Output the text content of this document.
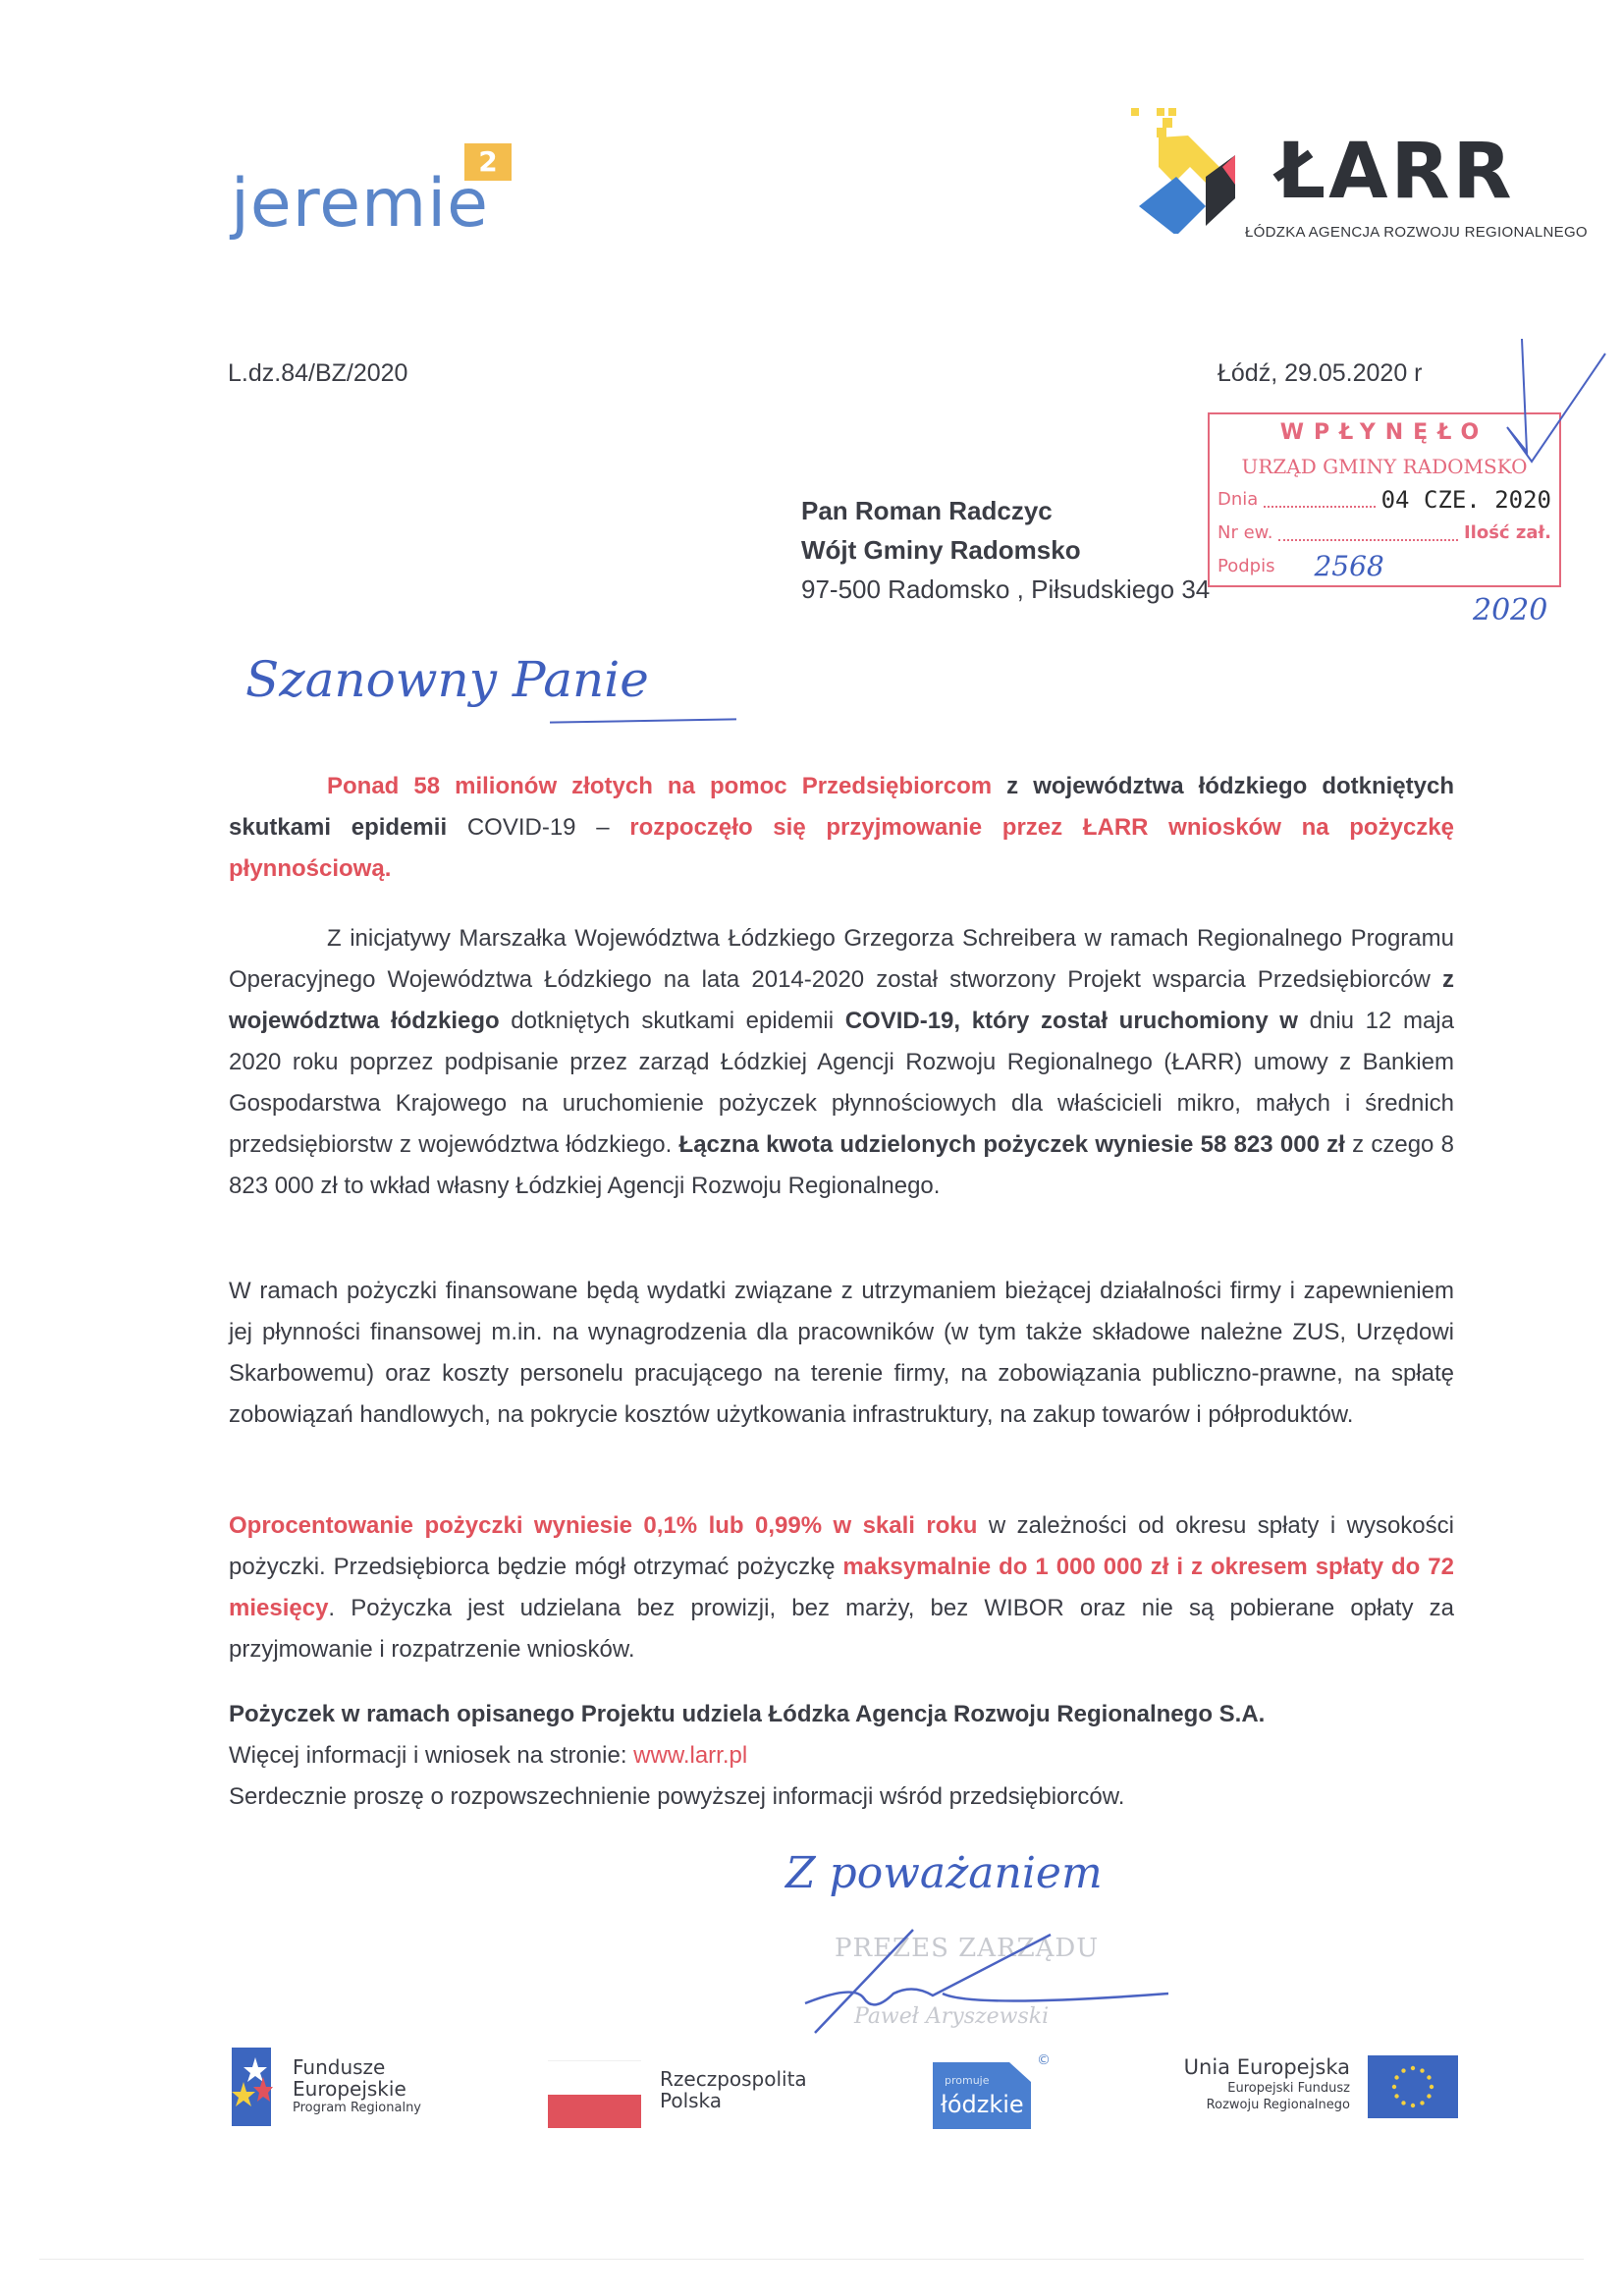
2
jeremie	ŁARR
ŁÓDZKA AGENCJA ROZWOJU REGIONALNEGO
L.dz.84/BZ/2020	Łódź, 29.05.2020 r
WPŁYNĘŁO
URZĄD GMINY RADOMSKO
Dnia	04 CZE. 2020
Nr ew.	Ilość zał.
Podpis 2568
2020
Pan Roman Radczyc
Wójt Gminy Radomsko
97-500 Radomsko , Piłsudskiego 34
Szanowny Panie
Ponad 58 milionów złotych na pomoc Przedsiębiorcom z województwa łódzkiego dotkniętych skutkami epidemii COVID-19 – rozpoczęło się przyjmowanie przez ŁARR wniosków na pożyczkę płynnościową.
Z inicjatywy Marszałka Województwa Łódzkiego Grzegorza Schreibera w ramach Regionalnego Programu Operacyjnego Województwa Łódzkiego na lata 2014-2020 został stworzony Projekt wsparcia Przedsiębiorców z województwa łódzkiego dotkniętych skutkami epidemii COVID-19, który został uruchomiony w dniu 12 maja 2020 roku poprzez podpisanie przez zarząd Łódzkiej Agencji Rozwoju Regionalnego (ŁARR) umowy z Bankiem Gospodarstwa Krajowego na uruchomienie pożyczek płynnościowych dla właścicieli mikro, małych i średnich przedsiębiorstw z województwa łódzkiego. Łączna kwota udzielonych pożyczek wyniesie 58 823 000 zł z czego 8 823 000 zł to wkład własny Łódzkiej Agencji Rozwoju Regionalnego.
W ramach pożyczki finansowane będą wydatki związane z utrzymaniem bieżącej działalności firmy i zapewnieniem jej płynności finansowej m.in. na wynagrodzenia dla pracowników (w tym także składowe należne ZUS, Urzędowi Skarbowemu) oraz koszty personelu pracującego na terenie firmy, na zobowiązania publiczno-prawne, na spłatę zobowiązań handlowych, na pokrycie kosztów użytkowania infrastruktury, na zakup towarów i półproduktów.
Oprocentowanie pożyczki wyniesie 0,1% lub 0,99% w skali roku w zależności od okresu spłaty i wysokości pożyczki. Przedsiębiorca będzie mógł otrzymać pożyczkę maksymalnie do 1 000 000 zł i z okresem spłaty do 72 miesięcy. Pożyczka jest udzielana bez prowizji, bez marży, bez WIBOR oraz nie są pobierane opłaty za przyjmowanie i rozpatrzenie wniosków.
Pożyczek w ramach opisanego Projektu udziela Łódzka Agencja Rozwoju Regionalnego S.A.
Więcej informacji i wniosek na stronie: www.larr.pl
Serdecznie proszę o rozpowszechnienie powyższej informacji wśród przedsiębiorców.
Z poważaniem
PREZES ZARZĄDU
Paweł Aryszewski
Fundusze
Europejskie
Program Regionalny
Rzeczpospolita
Polska
promuje
łódzkie
©	Unia Europejska
Europejski Fundusz
Rozwoju Regionalnego
